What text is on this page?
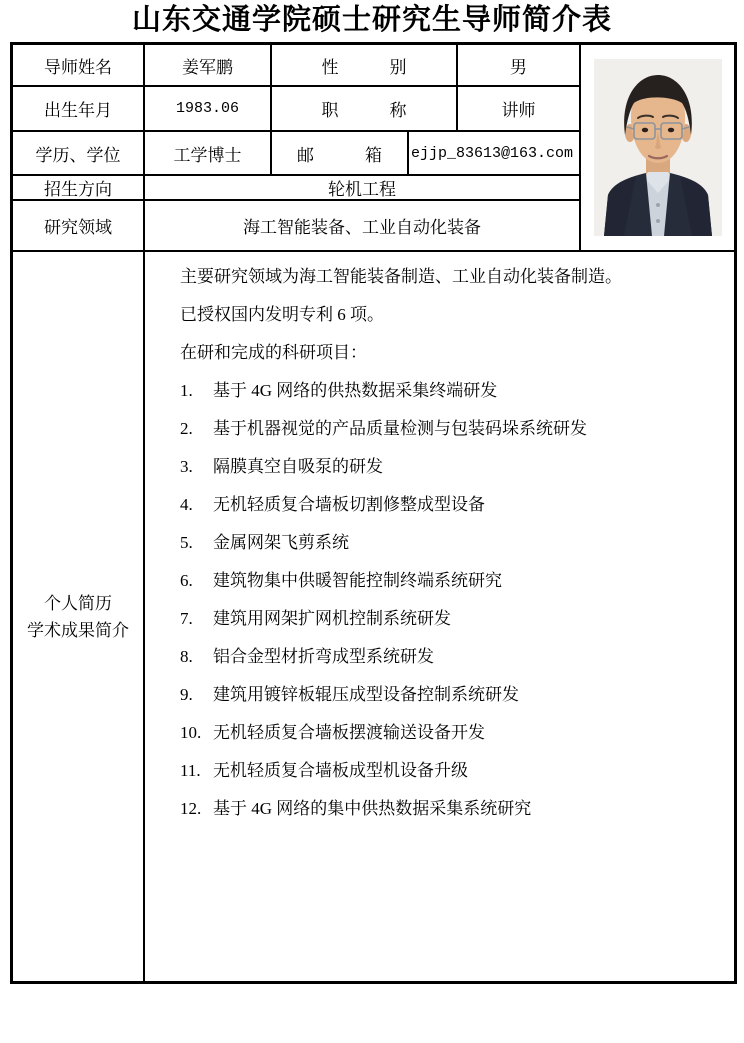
山东交通学院硕士研究生导师简介表
导师姓名	姜军鹏	性　　　别	男
出生年月	1983.06	职　　　称	讲师
学历、学位	工学博士	邮　　　箱	ejjp_83613@163.com
招生方向	轮机工程
研究领域	海工智能装备、工业自动化装备
个人简历
学术成果简介

主要研究领域为海工智能装备制造、工业自动化装备制造。

已授权国内发明专利 6 项。

在研和完成的科研项目：

1.	基于 4G 网络的供热数据采集终端研发
2.	基于机器视觉的产品质量检测与包装码垛系统研发
3.	隔膜真空自吸泵的研发
4.	无机轻质复合墙板切割修整成型设备
5.	金属网架飞剪系统
6.	建筑物集中供暖智能控制终端系统研究
7.	建筑用网架扩网机控制系统研发
8.	铝合金型材折弯成型系统研发
9.	建筑用镀锌板辊压成型设备控制系统研发
10. 无机轻质复合墙板摆渡输送设备开发
11. 无机轻质复合墙板成型机设备升级
12. 基于 4G 网络的集中供热数据采集系统研究
